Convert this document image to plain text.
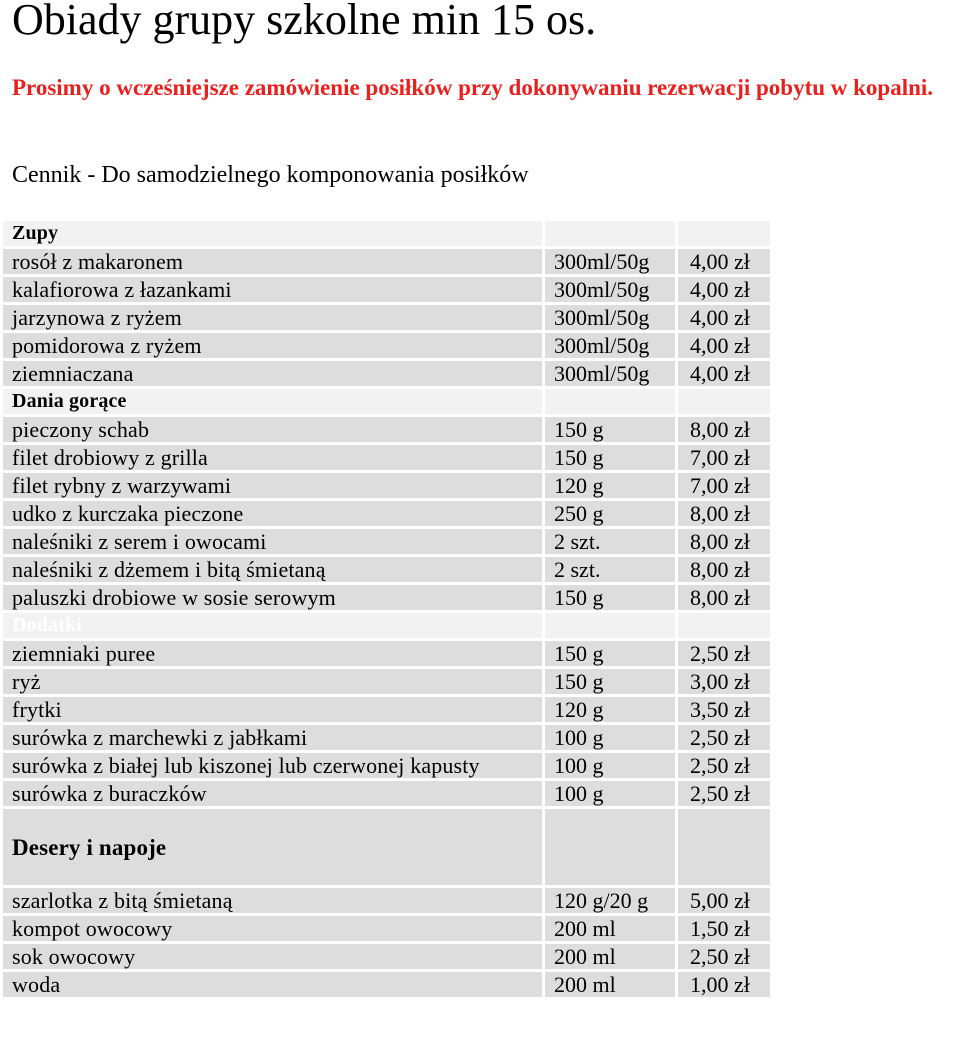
Obiady grupy szkolne min 15 os.
Prosimy o wcześniejsze zamówienie posiłków przy dokonywaniu rezerwacji pobytu w kopalni.
Cennik - Do samodzielnego komponowania posiłków
Zupy		
rosół z makaronem	300ml/50g	4,00 zł
kalafiorowa z łazankami	300ml/50g	4,00 zł
jarzynowa z ryżem	300ml/50g	4,00 zł
pomidorowa z ryżem	300ml/50g	4,00 zł
ziemniaczana	300ml/50g	4,00 zł
Dania gorące		
pieczony schab	150 g	8,00 zł
filet drobiowy z grilla	150 g	7,00 zł
filet rybny z warzywami	120 g	7,00 zł
udko z kurczaka pieczone	250 g	8,00 zł
naleśniki z serem i owocami	2 szt.	8,00 zł
naleśniki z dżemem i bitą śmietaną	2 szt.	8,00 zł
paluszki drobiowe w sosie serowym	150 g	8,00 zł
Dodatki		
ziemniaki puree	150 g	2,50 zł
ryż	150 g	3,00 zł
frytki	120 g	3,50 zł
surówka z marchewki z jabłkami	100 g	2,50 zł
surówka z białej lub kiszonej lub czerwonej kapusty	100 g	2,50 zł
surówka z buraczków	100 g	2,50 zł
Desery i napoje		
szarlotka z bitą śmietaną	120 g/20 g	5,00 zł
kompot owocowy	200 ml	1,50 zł
sok owocowy	200 ml	2,50 zł
woda	200 ml	1,00 zł
